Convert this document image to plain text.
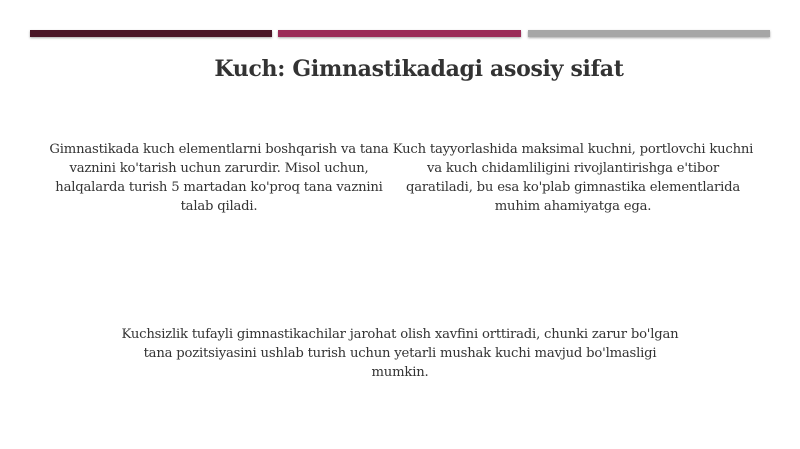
Kuch: Gimnastikadagi asosiy sifat

Gimnastikada kuch elementlarni boshqarish va tana vaznini ko'tarish uchun zarurdir. Misol uchun, halqalarda turish 5 martadan ko'proq tana vaznini talab qiladi.

Kuch tayyorlashida maksimal kuchni, portlovchi kuchni va kuch chidamliligini rivojlantirishga e'tibor qaratiladi, bu esa ko'plab gimnastika elementlarida muhim ahamiyatga ega.

Kuchsizlik tufayli gimnastikachilar jarohat olish xavfini orttiradi, chunki zarur bo'lgan tana pozitsiyasini ushlab turish uchun yetarli mushak kuchi mavjud bo'lmasligi mumkin.
